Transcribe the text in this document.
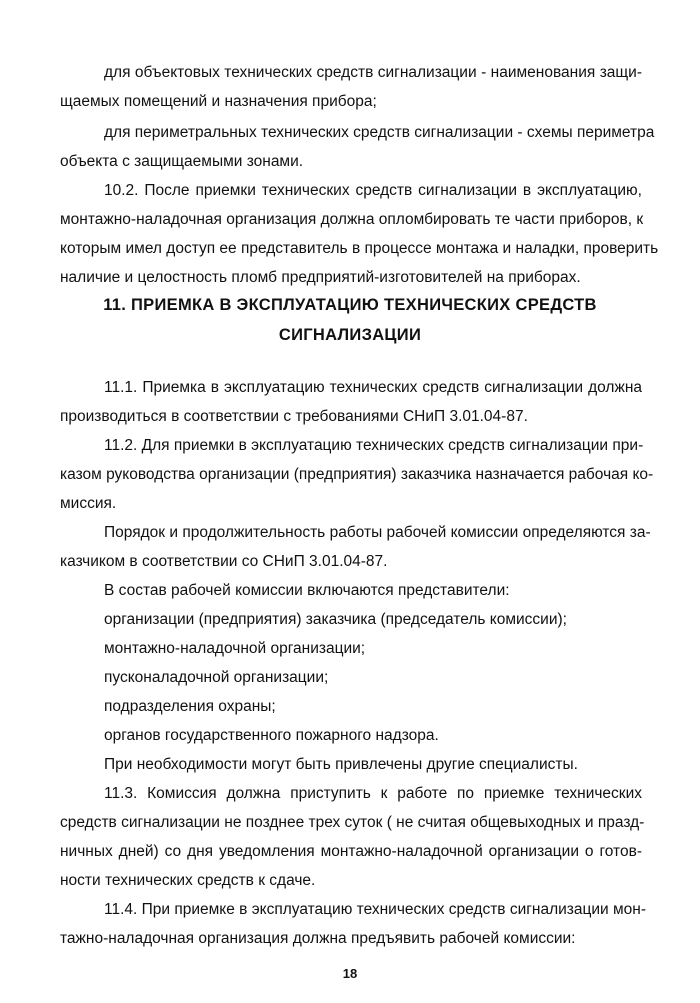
для объектовых технических средств сигнализации - наименования защи-
щаемых помещений и назначения прибора;
для периметральных технических средств сигнализации - схемы периметра
объекта с защищаемыми зонами.
10.2. После приемки технических средств сигнализации в эксплуатацию,
монтажно-наладочная организация должна опломбировать те части приборов, к
которым имел доступ ее представитель в процессе монтажа и наладки, проверить
наличие и целостность пломб предприятий-изготовителей на приборах.
11. ПРИЕМКА В ЭКСПЛУАТАЦИЮ ТЕХНИЧЕСКИХ СРЕДСТВ
СИГНАЛИЗАЦИИ
11.1. Приемка в эксплуатацию технических средств сигнализации должна
производиться в соответствии с требованиями СНиП 3.01.04-87.
11.2. Для приемки в эксплуатацию технических средств сигнализации при-
казом руководства организации (предприятия) заказчика назначается рабочая ко-
миссия.
Порядок и продолжительность работы рабочей комиссии определяются за-
казчиком в соответствии со СНиП 3.01.04-87.
В состав рабочей комиссии включаются представители:
организации (предприятия) заказчика (председатель комиссии);
монтажно-наладочной организации;
пусконаладочной организации;
подразделения охраны;
органов государственного пожарного надзора.
При необходимости могут быть привлечены другие специалисты.
11.3. Комиссия должна приступить к работе по приемке технических
средств сигнализации не позднее трех суток ( не считая общевыходных и празд-
ничных дней) со дня уведомления монтажно-наладочной организации о готов-
ности технических средств к сдаче.
11.4. При приемке в эксплуатацию технических средств сигнализации мон-
тажно-наладочная организация должна предъявить рабочей комиссии:
18
